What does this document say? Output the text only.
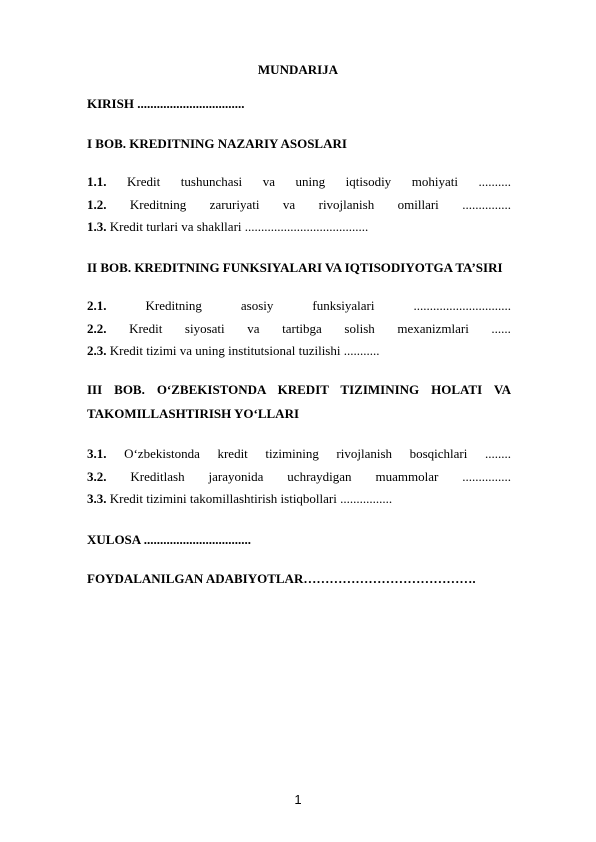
MUNDARIJA
KIRISH .................................
I BOB. KREDITNING NAZARIY ASOSLARI
1.1. Kredit tushunchasi va uning iqtisodiy mohiyati ..........
1.2. Kreditning zaruriyati va rivojlanish omillari ...............
1.3. Kredit turlari va shakllari ......................................
II BOB. KREDITNING FUNKSIYALARI VA IQTISODIYOTGA TA’SIRI
2.1.	Kreditning	asosiy	funksiyalari	..............................
2.2. Kredit siyosati va tartibga solish mexanizmlari ......
2.3. Kredit tizimi va uning institutsional tuzilishi ...........
III BOB. O‘ZBEKISTONDA KREDIT TIZIMINING HOLATI VA TAKOMILLASHTIRISH YO‘LLARI
3.1. O‘zbekistonda kredit tizimining rivojlanish bosqichlari ........
3.2. Kreditlash jarayonida uchraydigan muammolar ...............
3.3. Kredit tizimini takomillashtirish istiqbollari ................
XULOSA .................................
FOYDALANILGAN ADABIYOTLAR………………………………….
1
